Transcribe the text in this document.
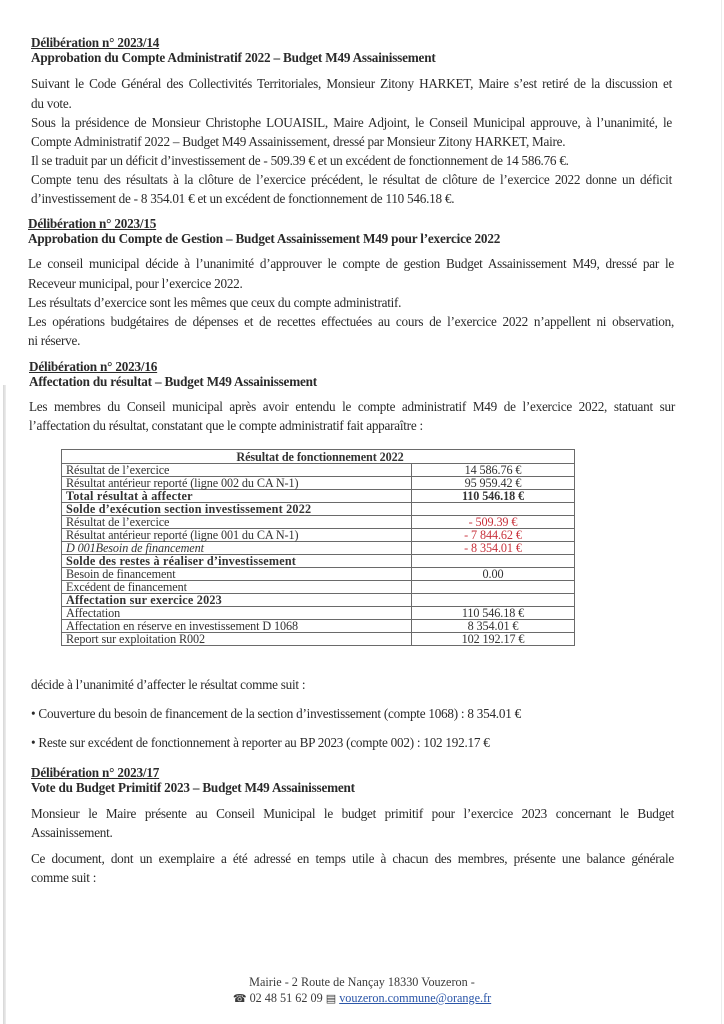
Délibération n° 2023/14
Approbation du Compte Administratif 2022 – Budget M49 Assainissement
Suivant le Code Général des Collectivités Territoriales, Monsieur Zitony HARKET, Maire s’est retiré de la discussion et
du vote.
Sous la présidence de Monsieur Christophe LOUAISIL, Maire Adjoint, le Conseil Municipal approuve, à l’unanimité, le
Compte Administratif 2022 – Budget M49 Assainissement, dressé par Monsieur Zitony HARKET, Maire.
Il se traduit par un déficit d’investissement de - 509.39 € et un excédent de fonctionnement de 14 586.76 €.
Compte tenu des résultats à la clôture de l’exercice précédent, le résultat de clôture de l’exercice 2022 donne un déficit
d’investissement de - 8 354.01 € et un excédent de fonctionnement de 110 546.18 €.
Délibération n° 2023/15
Approbation du Compte de Gestion – Budget Assainissement M49 pour l’exercice 2022
Le conseil municipal décide à l’unanimité d’approuver le compte de gestion Budget Assainissement M49, dressé par le
Receveur municipal, pour l’exercice 2022.
Les résultats d’exercice sont les mêmes que ceux du compte administratif.
Les opérations budgétaires de dépenses et de recettes effectuées au cours de l’exercice 2022 n’appellent ni observation,
ni réserve.
Délibération n° 2023/16
Affectation du résultat – Budget M49 Assainissement
Les membres du Conseil municipal après avoir entendu le compte administratif M49 de l’exercice 2022, statuant sur
l’affectation du résultat, constatant que le compte administratif fait apparaître :
Résultat de fonctionnement 2022	
Résultat de l’exercice	14 586.76 €
Résultat antérieur reporté (ligne 002 du CA N-1)	95 959.42 €
Total résultat à affecter	110 546.18 €
Solde d’exécution section investissement 2022	
Résultat de l’exercice	- 509.39 €
Résultat antérieur reporté (ligne 001 du CA N-1)	- 7 844.62 €
D 001Besoin de financement	- 8 354.01 €
Solde des restes à réaliser d’investissement	
Besoin de financement	0.00
Excédent de financement	
Affectation sur exercice 2023	
Affectation	110 546.18 €
Affectation en réserve en investissement D 1068	8 354.01 €
Report sur exploitation R002	102 192.17 €
décide à l’unanimité d’affecter le résultat comme suit :
• Couverture du besoin de financement de la section d’investissement (compte 1068) : 8 354.01 €
• Reste sur excédent de fonctionnement à reporter au BP 2023 (compte 002) : 102 192.17 €
Délibération n° 2023/17
Vote du Budget Primitif 2023 – Budget M49 Assainissement
Monsieur le Maire présente au Conseil Municipal le budget primitif pour l’exercice 2023 concernant le Budget
Assainissement.
Ce document, dont un exemplaire a été adressé en temps utile à chacun des membres, présente une balance générale
comme suit :
Mairie - 2 Route de Nançay 18330 Vouzeron -
☎ 02 48 51 62 09 ▤ vouzeron.commune@orange.fr
